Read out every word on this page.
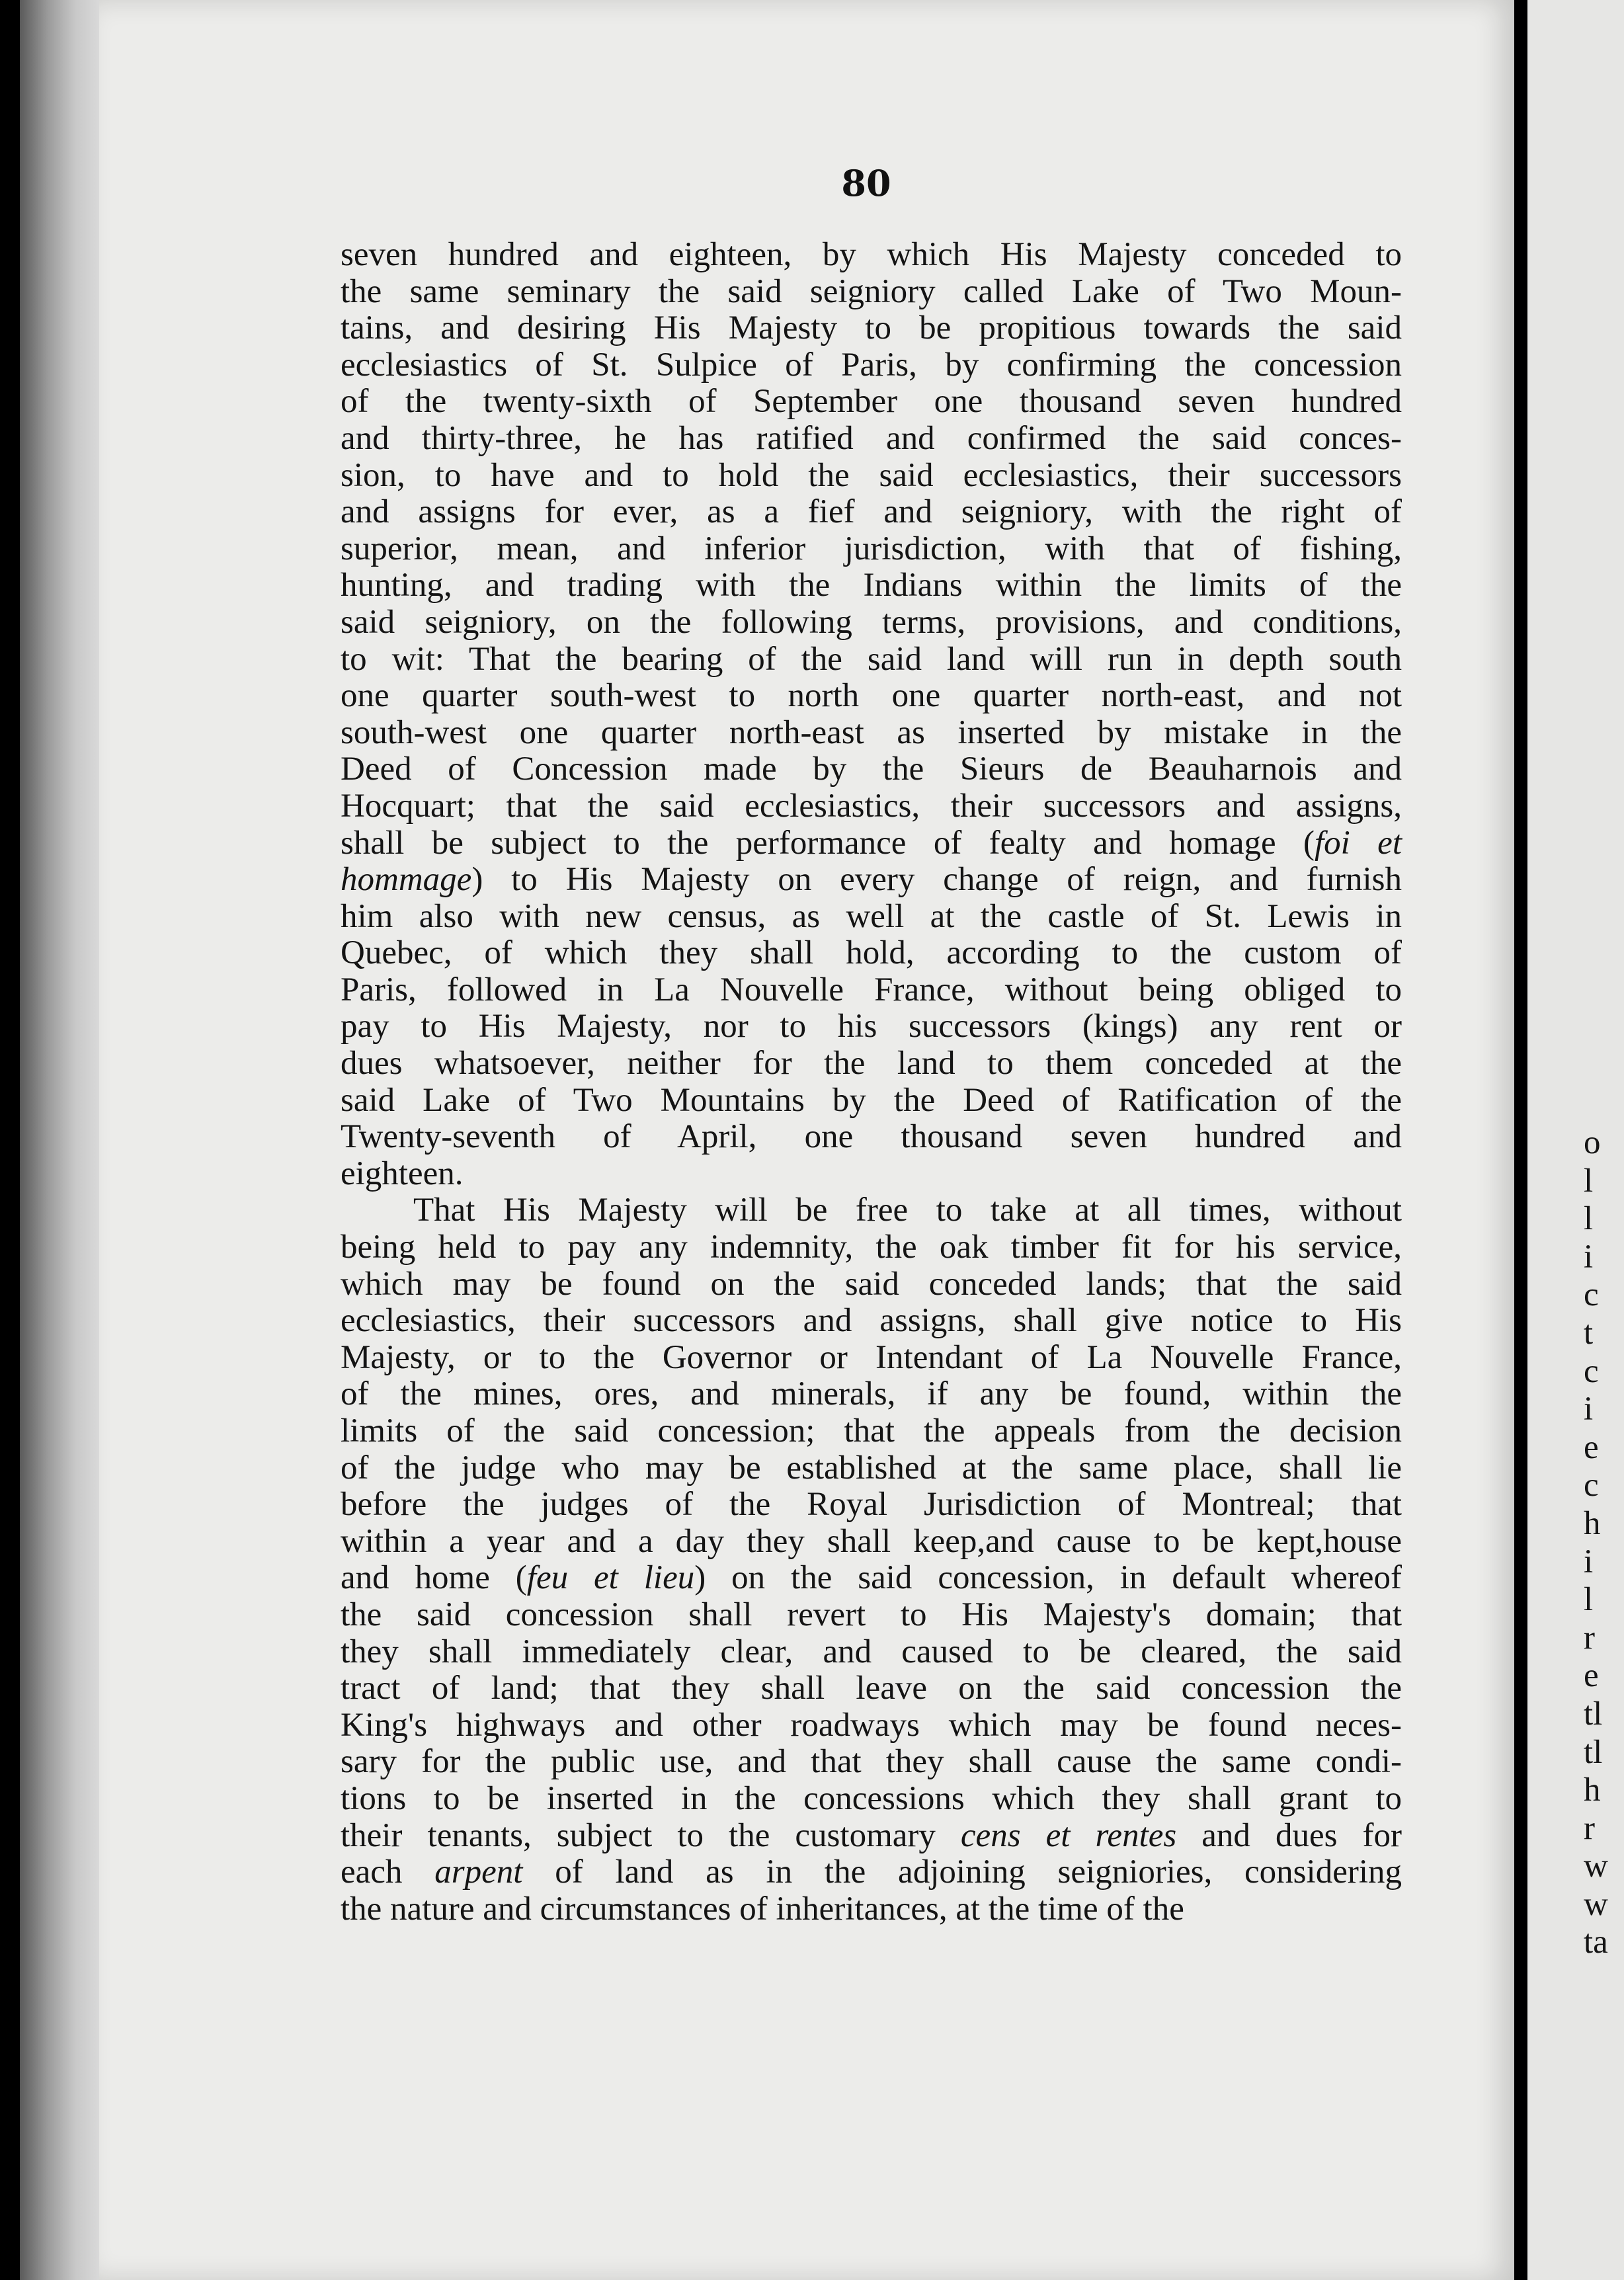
80
seven hundred and eighteen, by which His Majesty conceded to
the same seminary the said seigniory called Lake of Two Moun-
tains, and desiring His Majesty to be propitious towards the said
ecclesiastics of St. Sulpice of Paris, by confirming the concession
of the twenty-sixth of September one thousand seven hundred
and thirty-three, he has ratified and confirmed the said conces-
sion, to have and to hold the said ecclesiastics, their successors
and assigns for ever, as a fief and seigniory, with the right of
superior, mean, and inferior jurisdiction, with that of fishing,
hunting, and trading with the Indians within the limits of the
said seigniory, on the following terms, provisions, and conditions,
to wit: That the bearing of the said land will run in depth south
one quarter south-west to north one quarter north-east, and not
south-west one quarter north-east as inserted by mistake in the
Deed of Concession made by the Sieurs de Beauharnois and
Hocquart; that the said ecclesiastics, their successors and assigns,
shall be subject to the performance of fealty and homage (foi et
hommage) to His Majesty on every change of reign, and furnish
him also with new census, as well at the castle of St. Lewis in
Quebec, of which they shall hold, according to the custom of
Paris, followed in La Nouvelle France, without being obliged to
pay to His Majesty, nor to his successors (kings) any rent or
dues whatsoever, neither for the land to them conceded at the
said Lake of Two Mountains by the Deed of Ratification of the
Twenty-seventh of April, one thousand seven hundred and
eighteen.
That His Majesty will be free to take at all times, without
being held to pay any indemnity, the oak timber fit for his service,
which may be found on the said conceded lands; that the said
ecclesiastics, their successors and assigns, shall give notice to His
Majesty, or to the Governor or Intendant of La Nouvelle France,
of the mines, ores, and minerals, if any be found, within the
limits of the said concession; that the appeals from the decision
of the judge who may be established at the same place, shall lie
before the judges of the Royal Jurisdiction of Montreal; that
within a year and a day they shall keep,and cause to be kept,house
and home (feu et lieu) on the said concession, in default whereof
the said concession shall revert to His Majesty's domain; that
they shall immediately clear, and caused to be cleared, the said
tract of land; that they shall leave on the said concession the
King's highways and other roadways which may be found neces-
sary for the public use, and that they shall cause the same condi-
tions to be inserted in the concessions which they shall grant to
their tenants, subject to the customary cens et rentes and dues for
each arpent of land as in the adjoining seigniories, considering
the nature and circumstances of inheritances, at the time of the
o
l
l
i
c
t
c
i
e
c
h
i
l
r
e
tl
tl
h
r
w
w
ta
